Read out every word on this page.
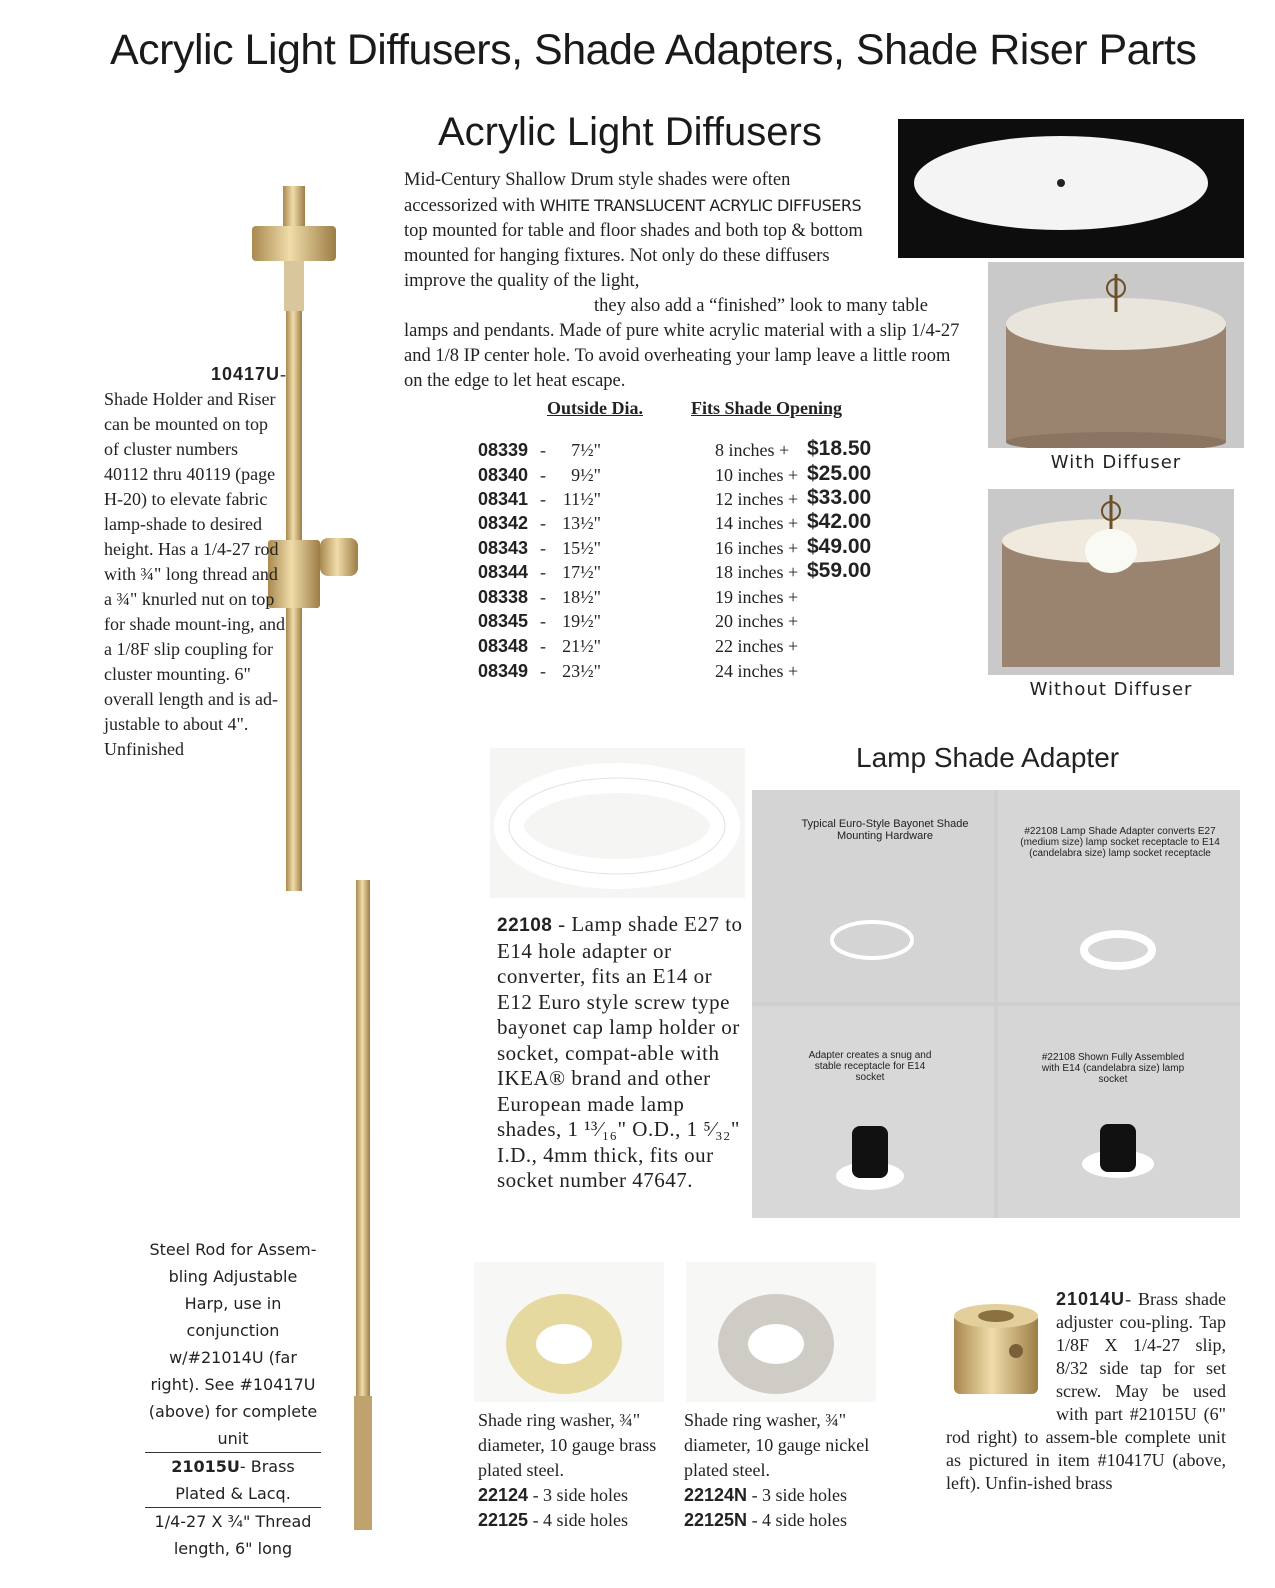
Acrylic Light Diffusers, Shade Adapters, Shade Riser Parts
10417U-
Shade Holder and Riser can be mounted on top of cluster numbers 40112 thru 40119 (page H-20) to elevate fabric lamp-shade to desired height. Has a 1/4-27 rod with ¾" long thread and a ¾" knurled nut on top for shade mount-ing, and a 1/8F slip coupling for cluster mounting. 6" overall length and is ad-justable to about 4". Unfinished
Acrylic Light Diffusers

Mid-Century Shallow Drum style shades were often accessorized with WHITE TRANSLUCENT ACRYLIC DIFFUSERS top mounted for table and floor shades and both top & bottom mounted for hanging fixtures. Not only do these diffusers improve the quality of the light,

they also add a “finished” look to many table lamps and pendants. Made of pure white acrylic material with a slip 1/4-27 and 1/8 IP center hole. To avoid overheating your lamp leave a little room on the edge to let heat escape.

Outside Dia.	Fits Shade Opening
08339 - 7½"	8 inches + $18.50
08340 - 9½"	10 inches + $25.00
08341 - 11½"	12 inches + $33.00
08342 - 13½"	14 inches + $42.00
08343 - 15½"	16 inches + $49.00
08344 - 17½"	18 inches + $59.00
08338 - 18½"	19 inches +
08345 - 19½"	20 inches +
08348 - 21½"	22 inches +
08349 - 23½"	24 inches +
With Diffuser
Without Diffuser
Lamp Shade Adapter
22108 - Lamp shade E27 to E14 hole adapter or converter, fits an E14 or E12 Euro style screw type bayonet cap lamp holder or socket, compat-able with IKEA® brand and other European made lamp shades, 1 ¹³⁄₁₆" O.D., 1 ⁵⁄₃₂" I.D., 4mm thick, fits our socket number 47647.
Typical Euro-Style Bayonet Shade Mounting Hardware	#22108 Lamp Shade Adapter converts E27 (medium size) lamp socket receptacle to E14 (candelabra size) lamp socket receptacle
Adapter creates a snug and stable receptacle for E14 socket
#22108 Shown Fully Assembled with E14 (candelabra size) lamp socket
Steel Rod for Assem-bling Adjustable Harp, use in conjunction w/#21014U (far right). See #10417U (above) for complete unit
21015U- Brass Plated & Lacq.
1/4-27 X ¾" Thread length, 6" long
Shade ring washer, ¾" diameter, 10 gauge brass plated steel.
22124 - 3 side holes
22125 - 4 side holes
Shade ring washer, ¾" diameter, 10 gauge nickel plated steel.
22124N - 3 side holes
22125N - 4 side holes
21014U- Brass shade adjuster cou-pling. Tap 1/8F X 1/4-27 slip, 8/32 side tap for set screw. May be used with part #21015U (6" rod right) to assem-ble complete unit as pictured in item #10417U (above, left). Unfin-ished brass
